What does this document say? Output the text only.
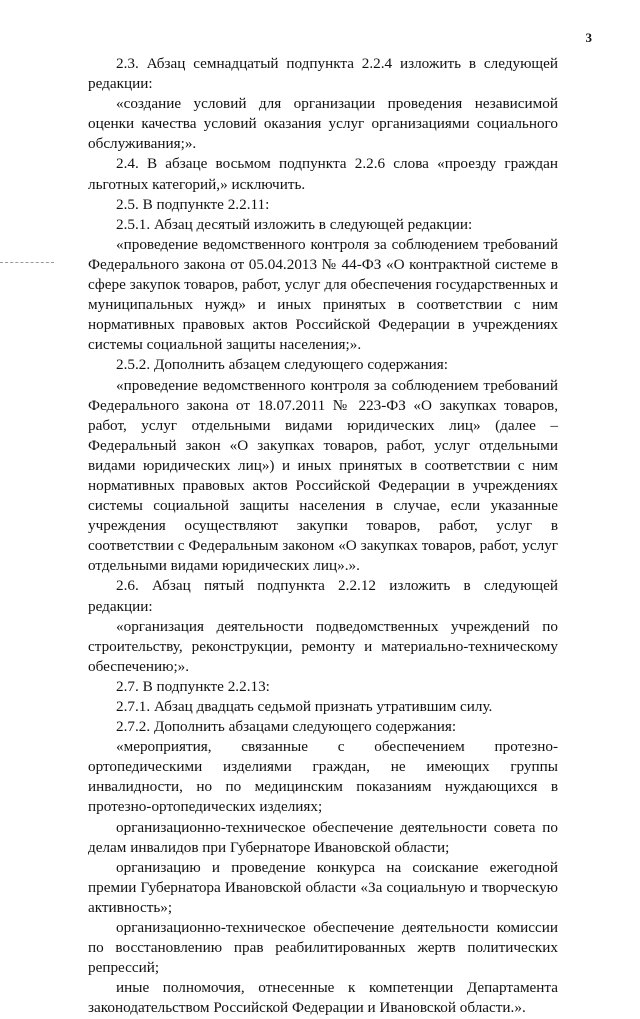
3

2.3. Абзац семнадцатый подпункта 2.2.4 изложить в следующей редакции:

«создание условий для организации проведения независимой оценки качества условий оказания услуг организациями социального обслуживания;».

2.4. В абзаце восьмом подпункта 2.2.6 слова «проезду граждан льготных категорий,» исключить.

2.5. В подпункте 2.2.11:

2.5.1. Абзац десятый изложить в следующей редакции:

«проведение ведомственного контроля за соблюдением требований Федерального закона от 05.04.2013 № 44-ФЗ «О контрактной системе в сфере закупок товаров, работ, услуг для обеспечения государственных и муниципальных нужд» и иных принятых в соответствии с ним нормативных правовых актов Российской Федерации в учреждениях системы социальной защиты населения;».

2.5.2. Дополнить абзацем следующего содержания:

«проведение ведомственного контроля за соблюдением требований Федерального закона от 18.07.2011 № 223-ФЗ «О закупках товаров, работ, услуг отдельными видами юридических лиц» (далее – Федеральный закон «О закупках товаров, работ, услуг отдельными видами юридических лиц») и иных принятых в соответствии с ним нормативных правовых актов Российской Федерации в учреждениях системы социальной защиты населения в случае, если указанные учреждения осуществляют закупки товаров, работ, услуг в соответствии с Федеральным законом «О закупках товаров, работ, услуг отдельными видами юридических лиц».».

2.6. Абзац пятый подпункта 2.2.12 изложить в следующей редакции:

«организация деятельности подведомственных учреждений по строительству, реконструкции, ремонту и материально-техническому обеспечению;».

2.7. В подпункте 2.2.13:

2.7.1. Абзац двадцать седьмой признать утратившим силу.

2.7.2. Дополнить абзацами следующего содержания:

«мероприятия, связанные с обеспечением протезно-ортопедическими изделиями граждан, не имеющих группы инвалидности, но по медицинским показаниям нуждающихся в протезно-ортопедических изделиях;

организационно-техническое обеспечение деятельности совета по делам инвалидов при Губернаторе Ивановской области;

организацию и проведение конкурса на соискание ежегодной премии Губернатора Ивановской области «За социальную и творческую активность»;

организационно-техническое обеспечение деятельности комиссии по восстановлению прав реабилитированных жертв политических репрессий;

иные полномочия, отнесенные к компетенции Департамента законодательством Российской Федерации и Ивановской области.».
